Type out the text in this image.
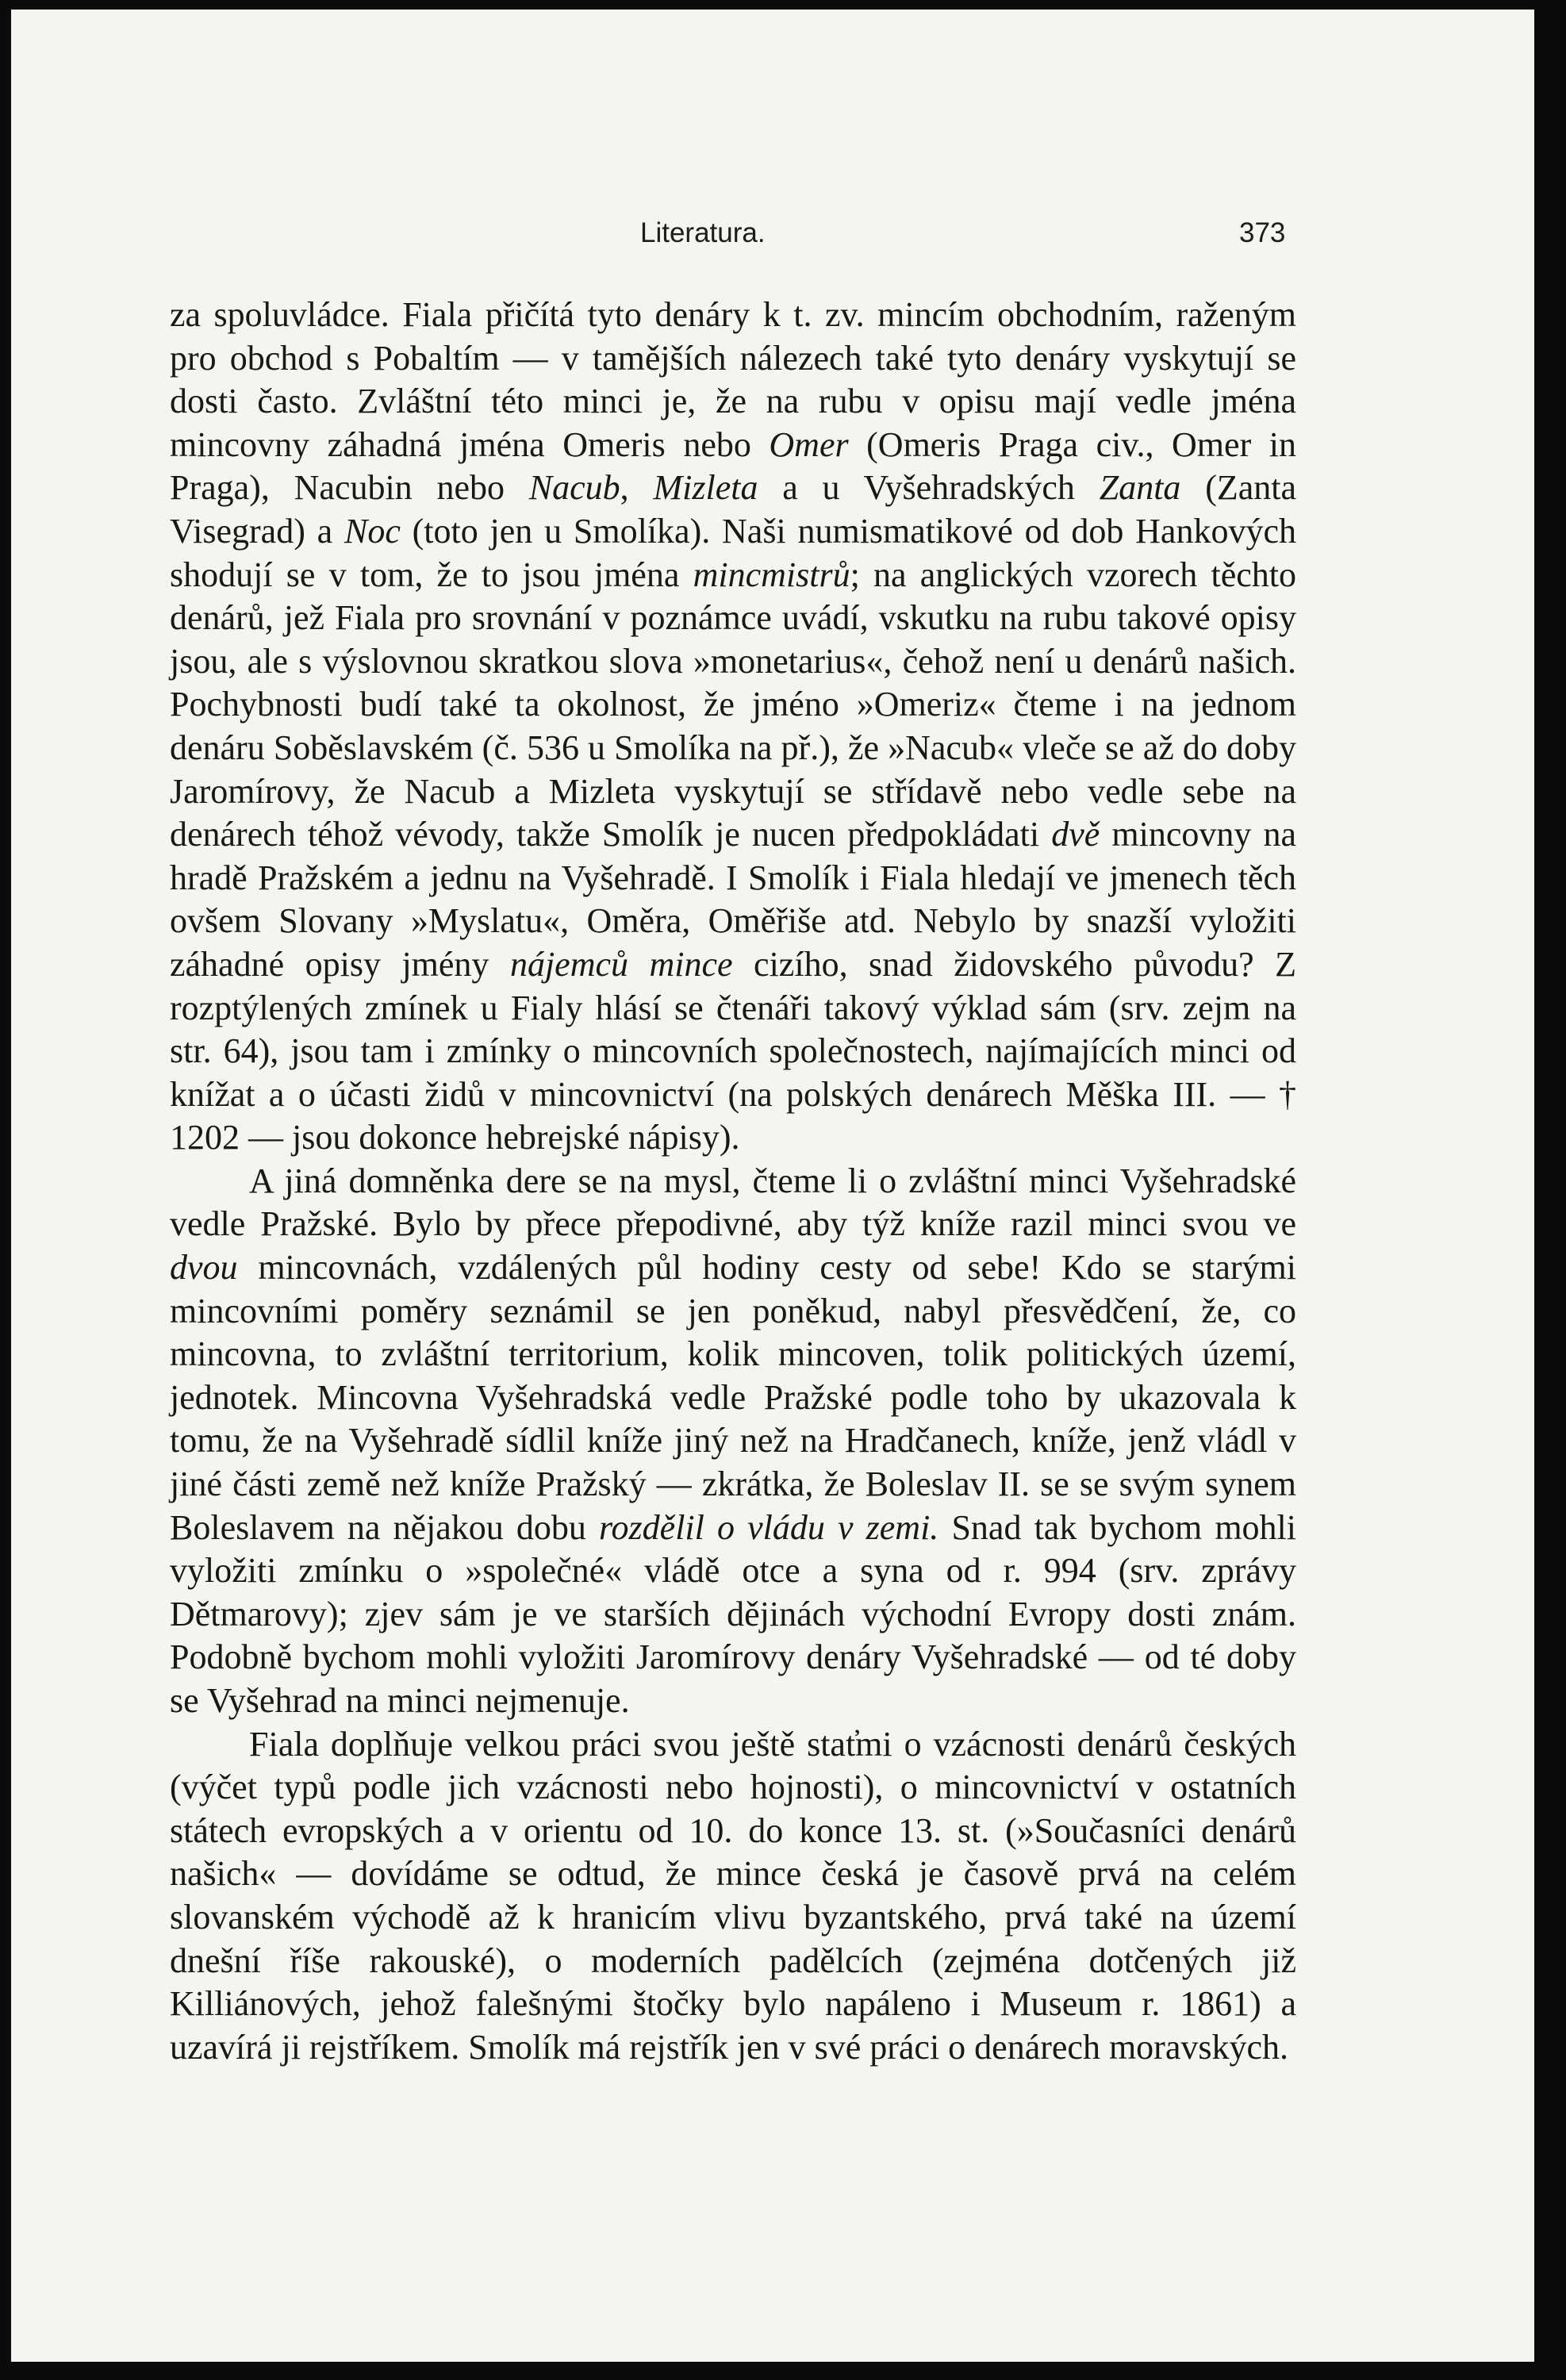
Literatura.	373

za spoluvládce. Fiala přičítá tyto denáry k t. zv. mincím obchodním, raženým pro obchod s Pobaltím — v tamějších nálezech také tyto denáry vyskytují se dosti často. Zvláštní této minci je, že na rubu v opisu mají vedle jména mincovny záhadná jména Omeris nebo Omer (Omeris Praga civ., Omer in Praga), Nacubin nebo Nacub, Mizleta a u Vyšehradských Zanta (Zanta Visegrad) a Noc (toto jen u Smolíka). Naši numismatikové od dob Hankových shodují se v tom, že to jsou jména mincmistrů; na anglických vzorech těchto denárů, jež Fiala pro srovnání v poznámce uvádí, vskutku na rubu takové opisy jsou, ale s výslovnou skratkou slova »monetarius«, čehož není u denárů našich. Pochybnosti budí také ta okolnost, že jméno »Omeriz« čteme i na jednom denáru Soběslavském (č. 536 u Smolíka na př.), že »Nacub« vleče se až do doby Jaromírovy, že Nacub a Mizleta vyskytují se střídavě nebo vedle sebe na denárech téhož vévody, takže Smolík je nucen předpokládati dvě mincovny na hradě Pražském a jednu na Vyšehradě. I Smolík i Fiala hledají ve jmenech těch ovšem Slovany »Myslatu«, Oměra, Oměřiše atd. Nebylo by snazší vyložiti záhadné opisy jmény nájemců mince cizího, snad židovského původu? Z rozptýlených zmínek u Fialy hlásí se čtenáři takový výklad sám (srv. zejm na str. 64), jsou tam i zmínky o mincovních společnostech, najímajících minci od knížat a o účasti židů v mincovnictví (na polských denárech Měška III. — † 1202 — jsou dokonce hebrejské nápisy).

A jiná domněnka dere se na mysl, čteme li o zvláštní minci Vyšehradské vedle Pražské. Bylo by přece přepodivné, aby týž kníže razil minci svou ve dvou mincovnách, vzdálených půl hodiny cesty od sebe! Kdo se starými mincovními poměry seznámil se jen poněkud, nabyl přesvědčení, že, co mincovna, to zvláštní territorium, kolik mincoven, tolik politických území, jednotek. Mincovna Vyšehradská vedle Pražské podle toho by ukazovala k tomu, že na Vyšehradě sídlil kníže jiný než na Hradčanech, kníže, jenž vládl v jiné části země než kníže Pražský — zkrátka, že Boleslav II. se se svým synem Boleslavem na nějakou dobu rozdělil o vládu v zemi. Snad tak bychom mohli vyložiti zmínku o »společné« vládě otce a syna od r. 994 (srv. zprávy Dětmarovy); zjev sám je ve starších dějinách východní Evropy dosti znám. Podobně bychom mohli vyložiti Jaromírovy denáry Vyšehradské — od té doby se Vyšehrad na minci nejmenuje.

Fiala doplňuje velkou práci svou ještě stat̕mi o vzácnosti denárů českých (výčet typů podle jich vzácnosti nebo hojnosti), o mincovnictví v ostatních státech evropských a v orientu od 10. do konce 13. st. (»Současníci denárů našich« — dovídáme se odtud, že mince česká je časově prvá na celém slovanském východě až k hranicím vlivu byzantského, prvá také na území dnešní říše rakouské), o moderních padělcích (zejména dotčených již Killiánových, jehož falešnými štočky bylo napáleno i Museum r. 1861) a uzavírá ji rejstříkem. Smolík má rejstřík jen v své práci o denárech moravských.
